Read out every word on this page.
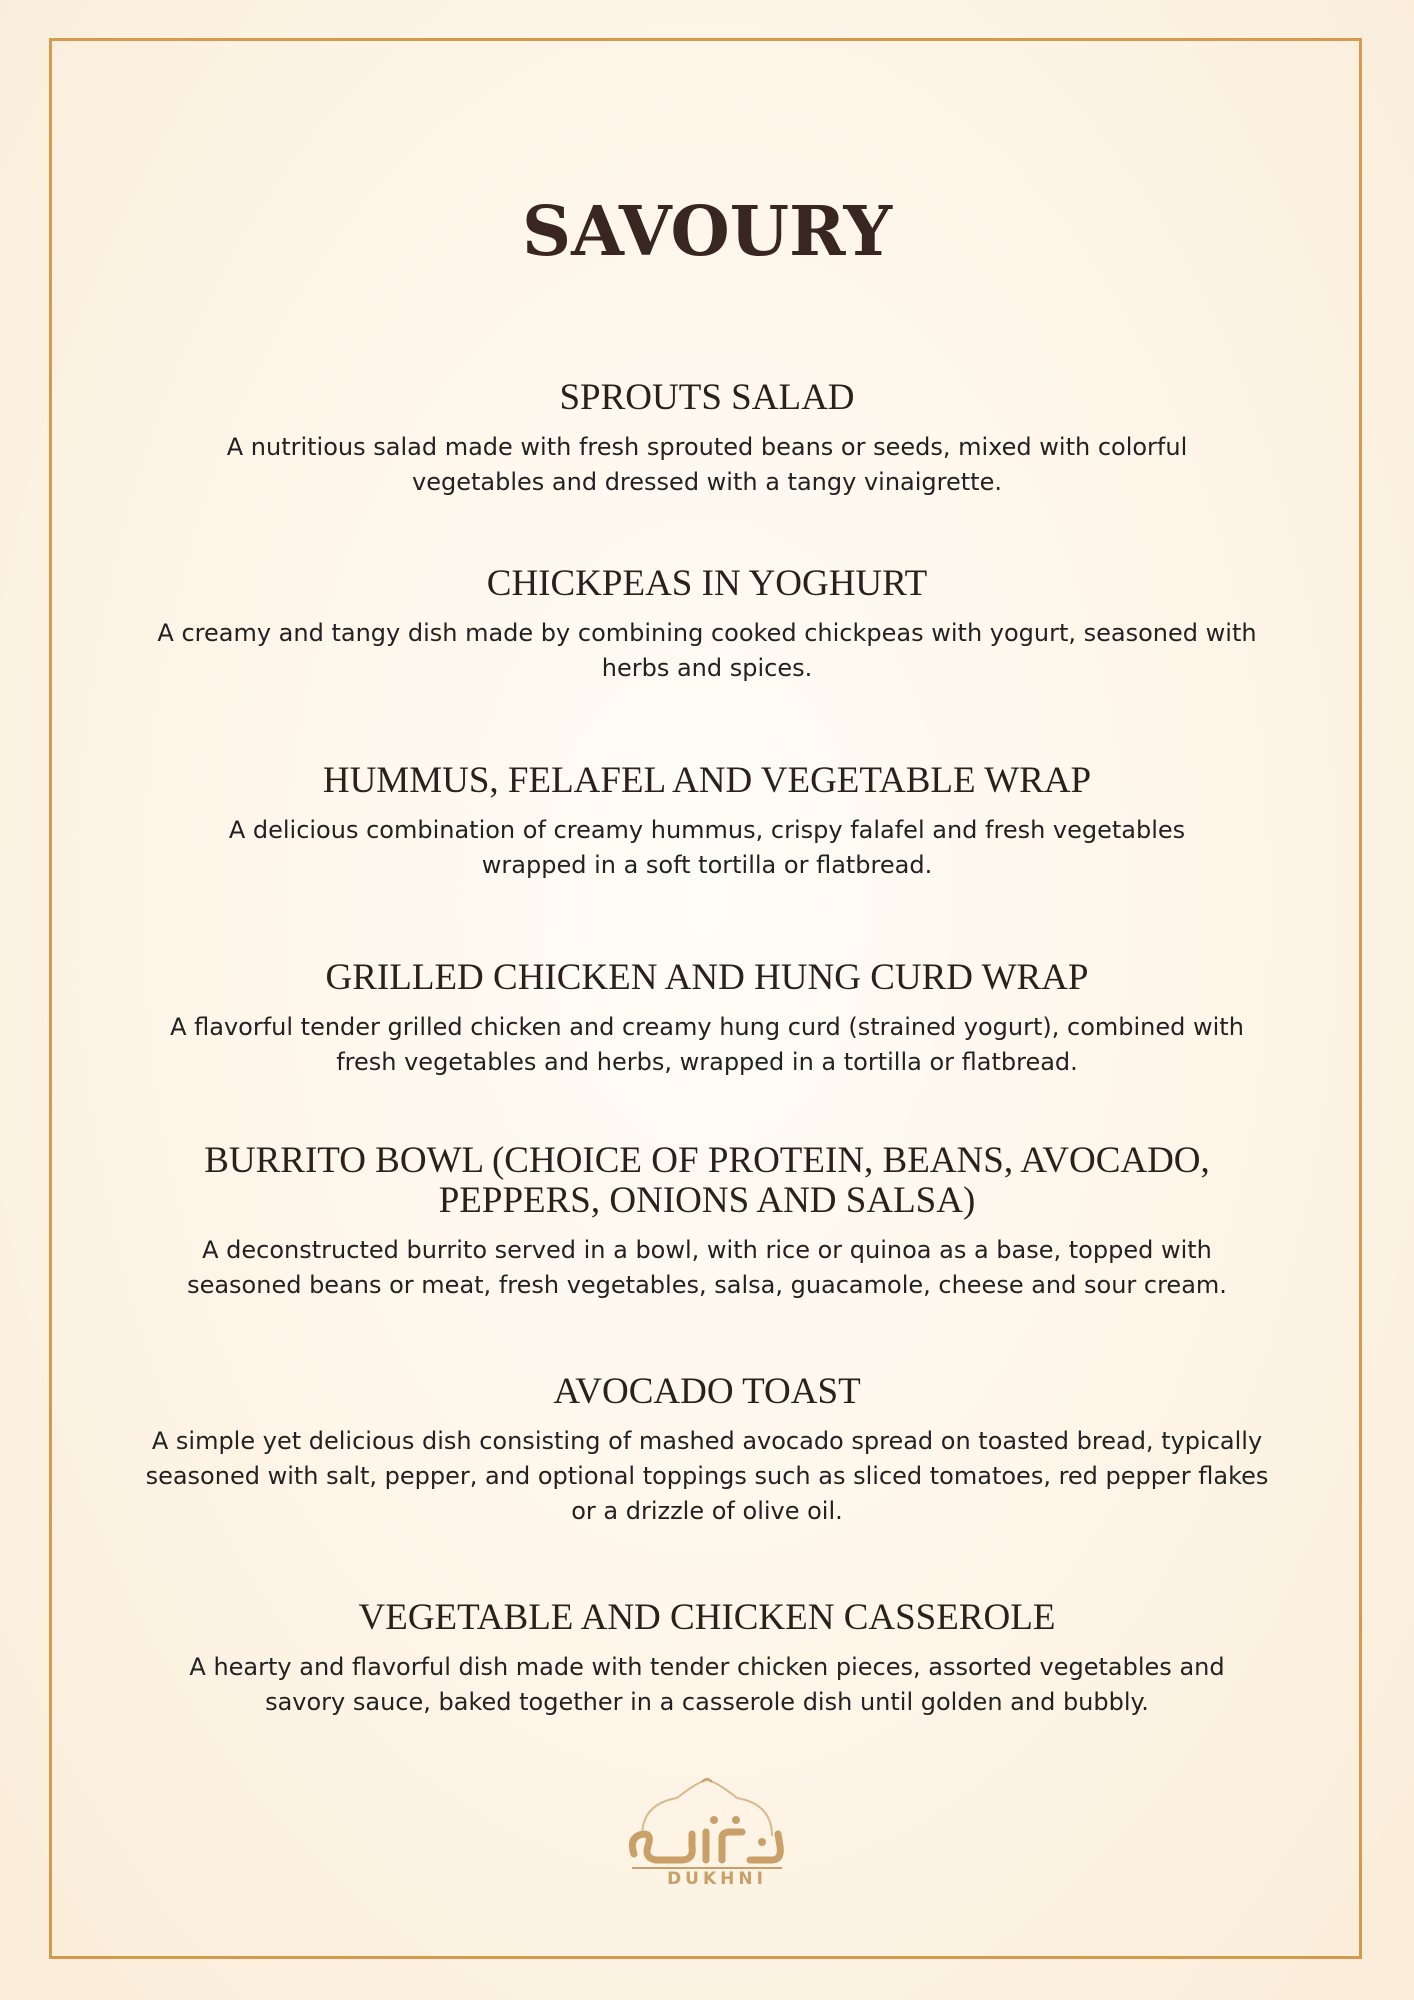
SAVOURY
SPROUTS SALAD
A nutritious salad made with fresh sprouted beans or seeds, mixed with colorful vegetables and dressed with a tangy vinaigrette.
CHICKPEAS IN YOGHURT
A creamy and tangy dish made by combining cooked chickpeas with yogurt, seasoned with herbs and spices.
HUMMUS, FELAFEL AND VEGETABLE WRAP
A delicious combination of creamy hummus, crispy falafel and fresh vegetables wrapped in a soft tortilla or flatbread.
GRILLED CHICKEN AND HUNG CURD WRAP
A flavorful tender grilled chicken and creamy hung curd (strained yogurt), combined with fresh vegetables and herbs, wrapped in a tortilla or flatbread.
BURRITO BOWL (CHOICE OF PROTEIN, BEANS, AVOCADO, PEPPERS, ONIONS AND SALSA)
A deconstructed burrito served in a bowl, with rice or quinoa as a base, topped with seasoned beans or meat, fresh vegetables, salsa, guacamole, cheese and sour cream.
AVOCADO TOAST
A simple yet delicious dish consisting of mashed avocado spread on toasted bread, typically seasoned with salt, pepper, and optional toppings such as sliced tomatoes, red pepper flakes or a drizzle of olive oil.
VEGETABLE AND CHICKEN CASSEROLE
A hearty and flavorful dish made with tender chicken pieces, assorted vegetables and savory sauce, baked together in a casserole dish until golden and bubbly.
DUKHNI
